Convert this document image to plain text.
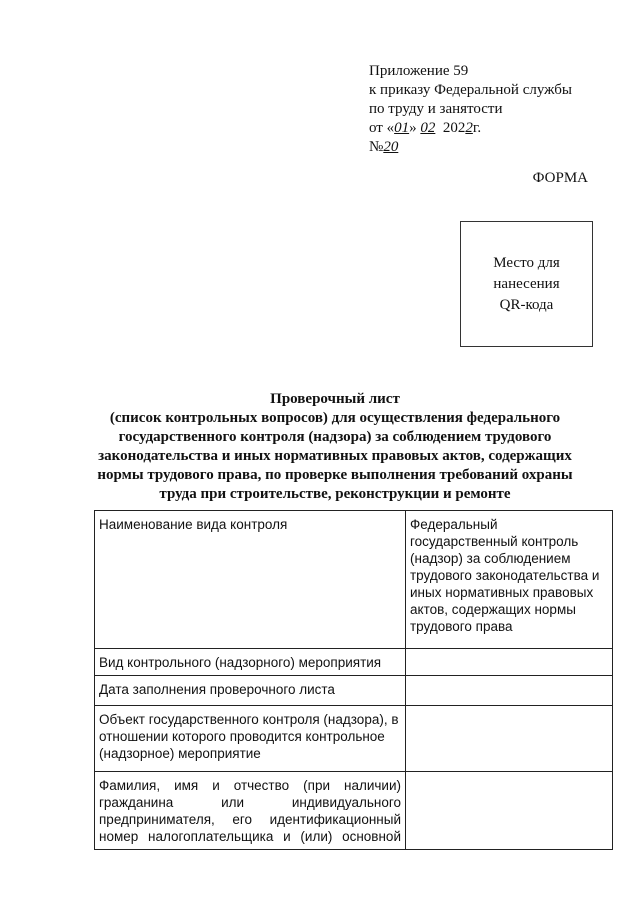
Приложение 59
к приказу Федеральной службы
по труду и занятости
от «01» 02 2022г.
№20
ФОРМА
Место для
нанесения
QR-кода
Проверочный лист
(список контрольных вопросов) для осуществления федерального
государственного контроля (надзора) за соблюдением трудового
законодательства и иных нормативных правовых актов, содержащих
нормы трудового права, по проверке выполнения требований охраны
труда при строительстве, реконструкции и ремонте
Наименование вида контроля	Федеральный государственный контроль (надзор) за соблюдением трудового законодательства и иных нормативных правовых актов, содержащих нормы трудового права
Вид контрольного (надзорного) мероприятия	
Дата заполнения проверочного листа	
Объект государственного контроля (надзора), в отношении которого проводится контрольное (надзорное) мероприятие	
Фамилия, имя и отчество (при наличии) гражданина или индивидуального предпринимателя, его идентификационный номер налогоплательщика и (или) основной	
